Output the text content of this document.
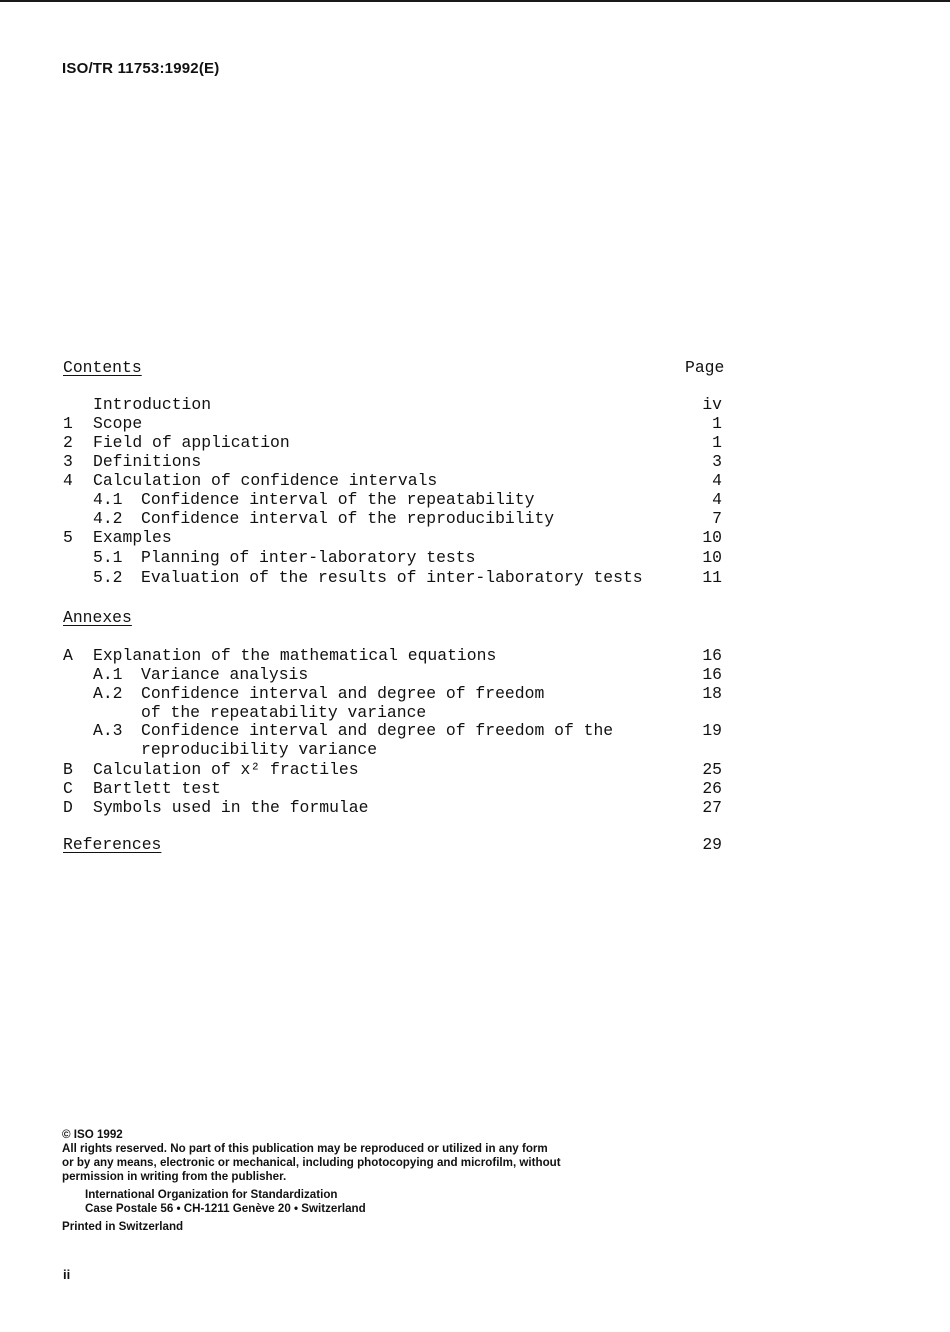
ISO/TR 11753:1992(E)
Contents	Page
Introduction	iv
1 Scope	1
2 Field of application	1
3 Definitions	3
4 Calculation of confidence intervals	4
4.1 Confidence interval of the repeatability	4
4.2 Confidence interval of the reproducibility	7
5 Examples	10
5.1 Planning of inter-laboratory tests	10
5.2 Evaluation of the results of inter-laboratory tests	11
Annexes
A Explanation of the mathematical equations	16
A.1 Variance analysis	16
A.2 Confidence interval and degree of freedom	18
of the repeatability variance
A.3 Confidence interval and degree of freedom of the	19
reproducibility variance
B Calculation of x² fractiles	25
C Bartlett test	26
D Symbols used in the formulae	27
References	29
© ISO 1992
All rights reserved. No part of this publication may be reproduced or utilized in any form
or by any means, electronic or mechanical, including photocopying and microfilm, without
permission in writing from the publisher.
International Organization for Standardization
Case Postale 56 • CH-1211 Genève 20 • Switzerland
Printed in Switzerland
ii
